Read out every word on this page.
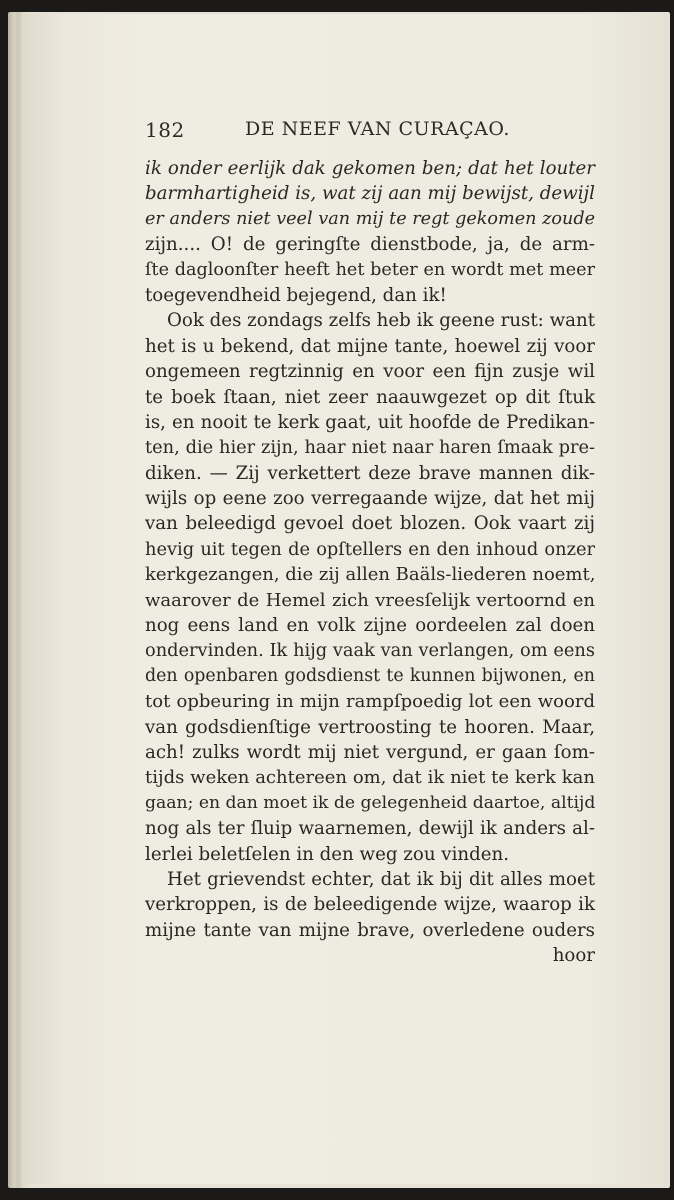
182	DE NEEF VAN CURAÇAO.
ik onder eerlijk dak gekomen ben; dat het louter
barmhartigheid is, wat zij aan mij bewijst, dewijl
er anders niet veel van mij te regt gekomen zoude
zijn.... O! de geringſte dienstbode, ja, de arm-
ſte dagloonſter heeft het beter en wordt met meer
toegevendheid bejegend, dan ik!
Ook des zondags zelfs heb ik geene rust: want
het is u bekend, dat mijne tante, hoewel zij voor
ongemeen regtzinnig en voor een fijn zusje wil
te boek ſtaan, niet zeer naauwgezet op dit ſtuk
is, en nooit te kerk gaat, uit hoofde de Predikan-
ten, die hier zijn, haar niet naar haren ſmaak pre-
diken. — Zij verkettert deze brave mannen dik-
wijls op eene zoo verregaande wijze, dat het mij
van beleedigd gevoel doet blozen. Ook vaart zij
hevig uit tegen de opſtellers en den inhoud onzer
kerkgezangen, die zij allen Baäls-liederen noemt,
waarover de Hemel zich vreesſelijk vertoornd en
nog eens land en volk zijne oordeelen zal doen
ondervinden. Ik hijg vaak van verlangen, om eens
den openbaren godsdienst te kunnen bijwonen, en
tot opbeuring in mijn rampſpoedig lot een woord
van godsdienſtige vertroosting te hooren. Maar,
ach! zulks wordt mij niet vergund, er gaan ſom-
tijds weken achtereen om, dat ik niet te kerk kan
gaan; en dan moet ik de gelegenheid daartoe, altijd
nog als ter ſluip waarnemen, dewijl ik anders al-
lerlei beletſelen in den weg zou vinden.
Het grievendst echter, dat ik bij dit alles moet
verkroppen, is de beleedigende wijze, waarop ik
mijne tante van mijne brave, overledene ouders
hoor
